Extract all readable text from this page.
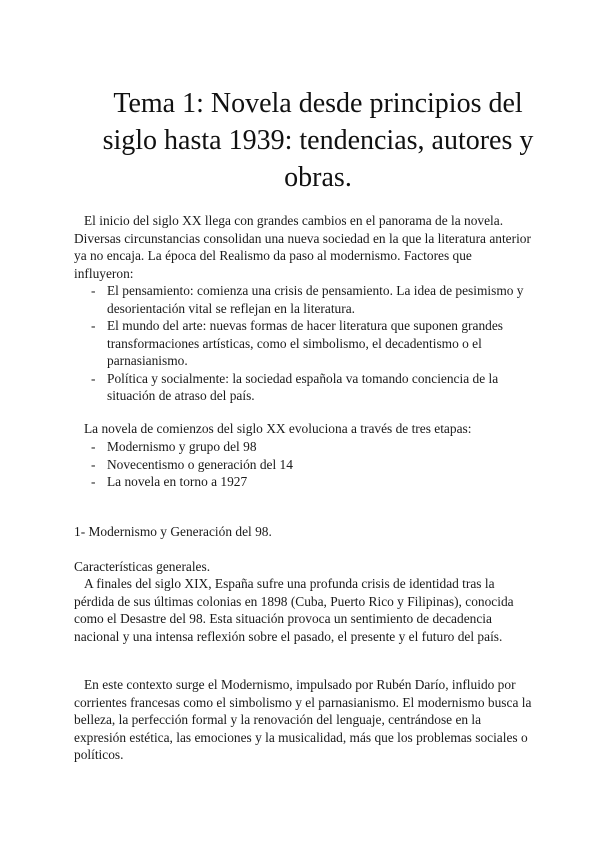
Tema 1: Novela desde principios del siglo hasta 1939: tendencias, autores y obras.

El inicio del siglo XX llega con grandes cambios en el panorama de la novela. Diversas circunstancias consolidan una nueva sociedad en la que la literatura anterior ya no encaja. La época del Realismo da paso al modernismo. Factores que influyeron:

- El pensamiento: comienza una crisis de pensamiento. La idea de pesimismo y desorientación vital se reflejan en la literatura.
- El mundo del arte: nuevas formas de hacer literatura que suponen grandes transformaciones artísticas, como el simbolismo, el decadentismo o el parnasianismo.
- Política y socialmente: la sociedad española va tomando conciencia de la situación de atraso del país.

La novela de comienzos del siglo XX evoluciona a través de tres etapas:

- Modernismo y grupo del 98
- Novecentismo o generación del 14
- La novela en torno a 1927

1- Modernismo y Generación del 98.

Características generales.

A finales del siglo XIX, España sufre una profunda crisis de identidad tras la pérdida de sus últimas colonias en 1898 (Cuba, Puerto Rico y Filipinas), conocida como el Desastre del 98. Esta situación provoca un sentimiento de decadencia nacional y una intensa reflexión sobre el pasado, el presente y el futuro del país.

En este contexto surge el Modernismo, impulsado por Rubén Darío, influido por corrientes francesas como el simbolismo y el parnasianismo. El modernismo busca la belleza, la perfección formal y la renovación del lenguaje, centrándose en la expresión estética, las emociones y la musicalidad, más que los problemas sociales o políticos.
